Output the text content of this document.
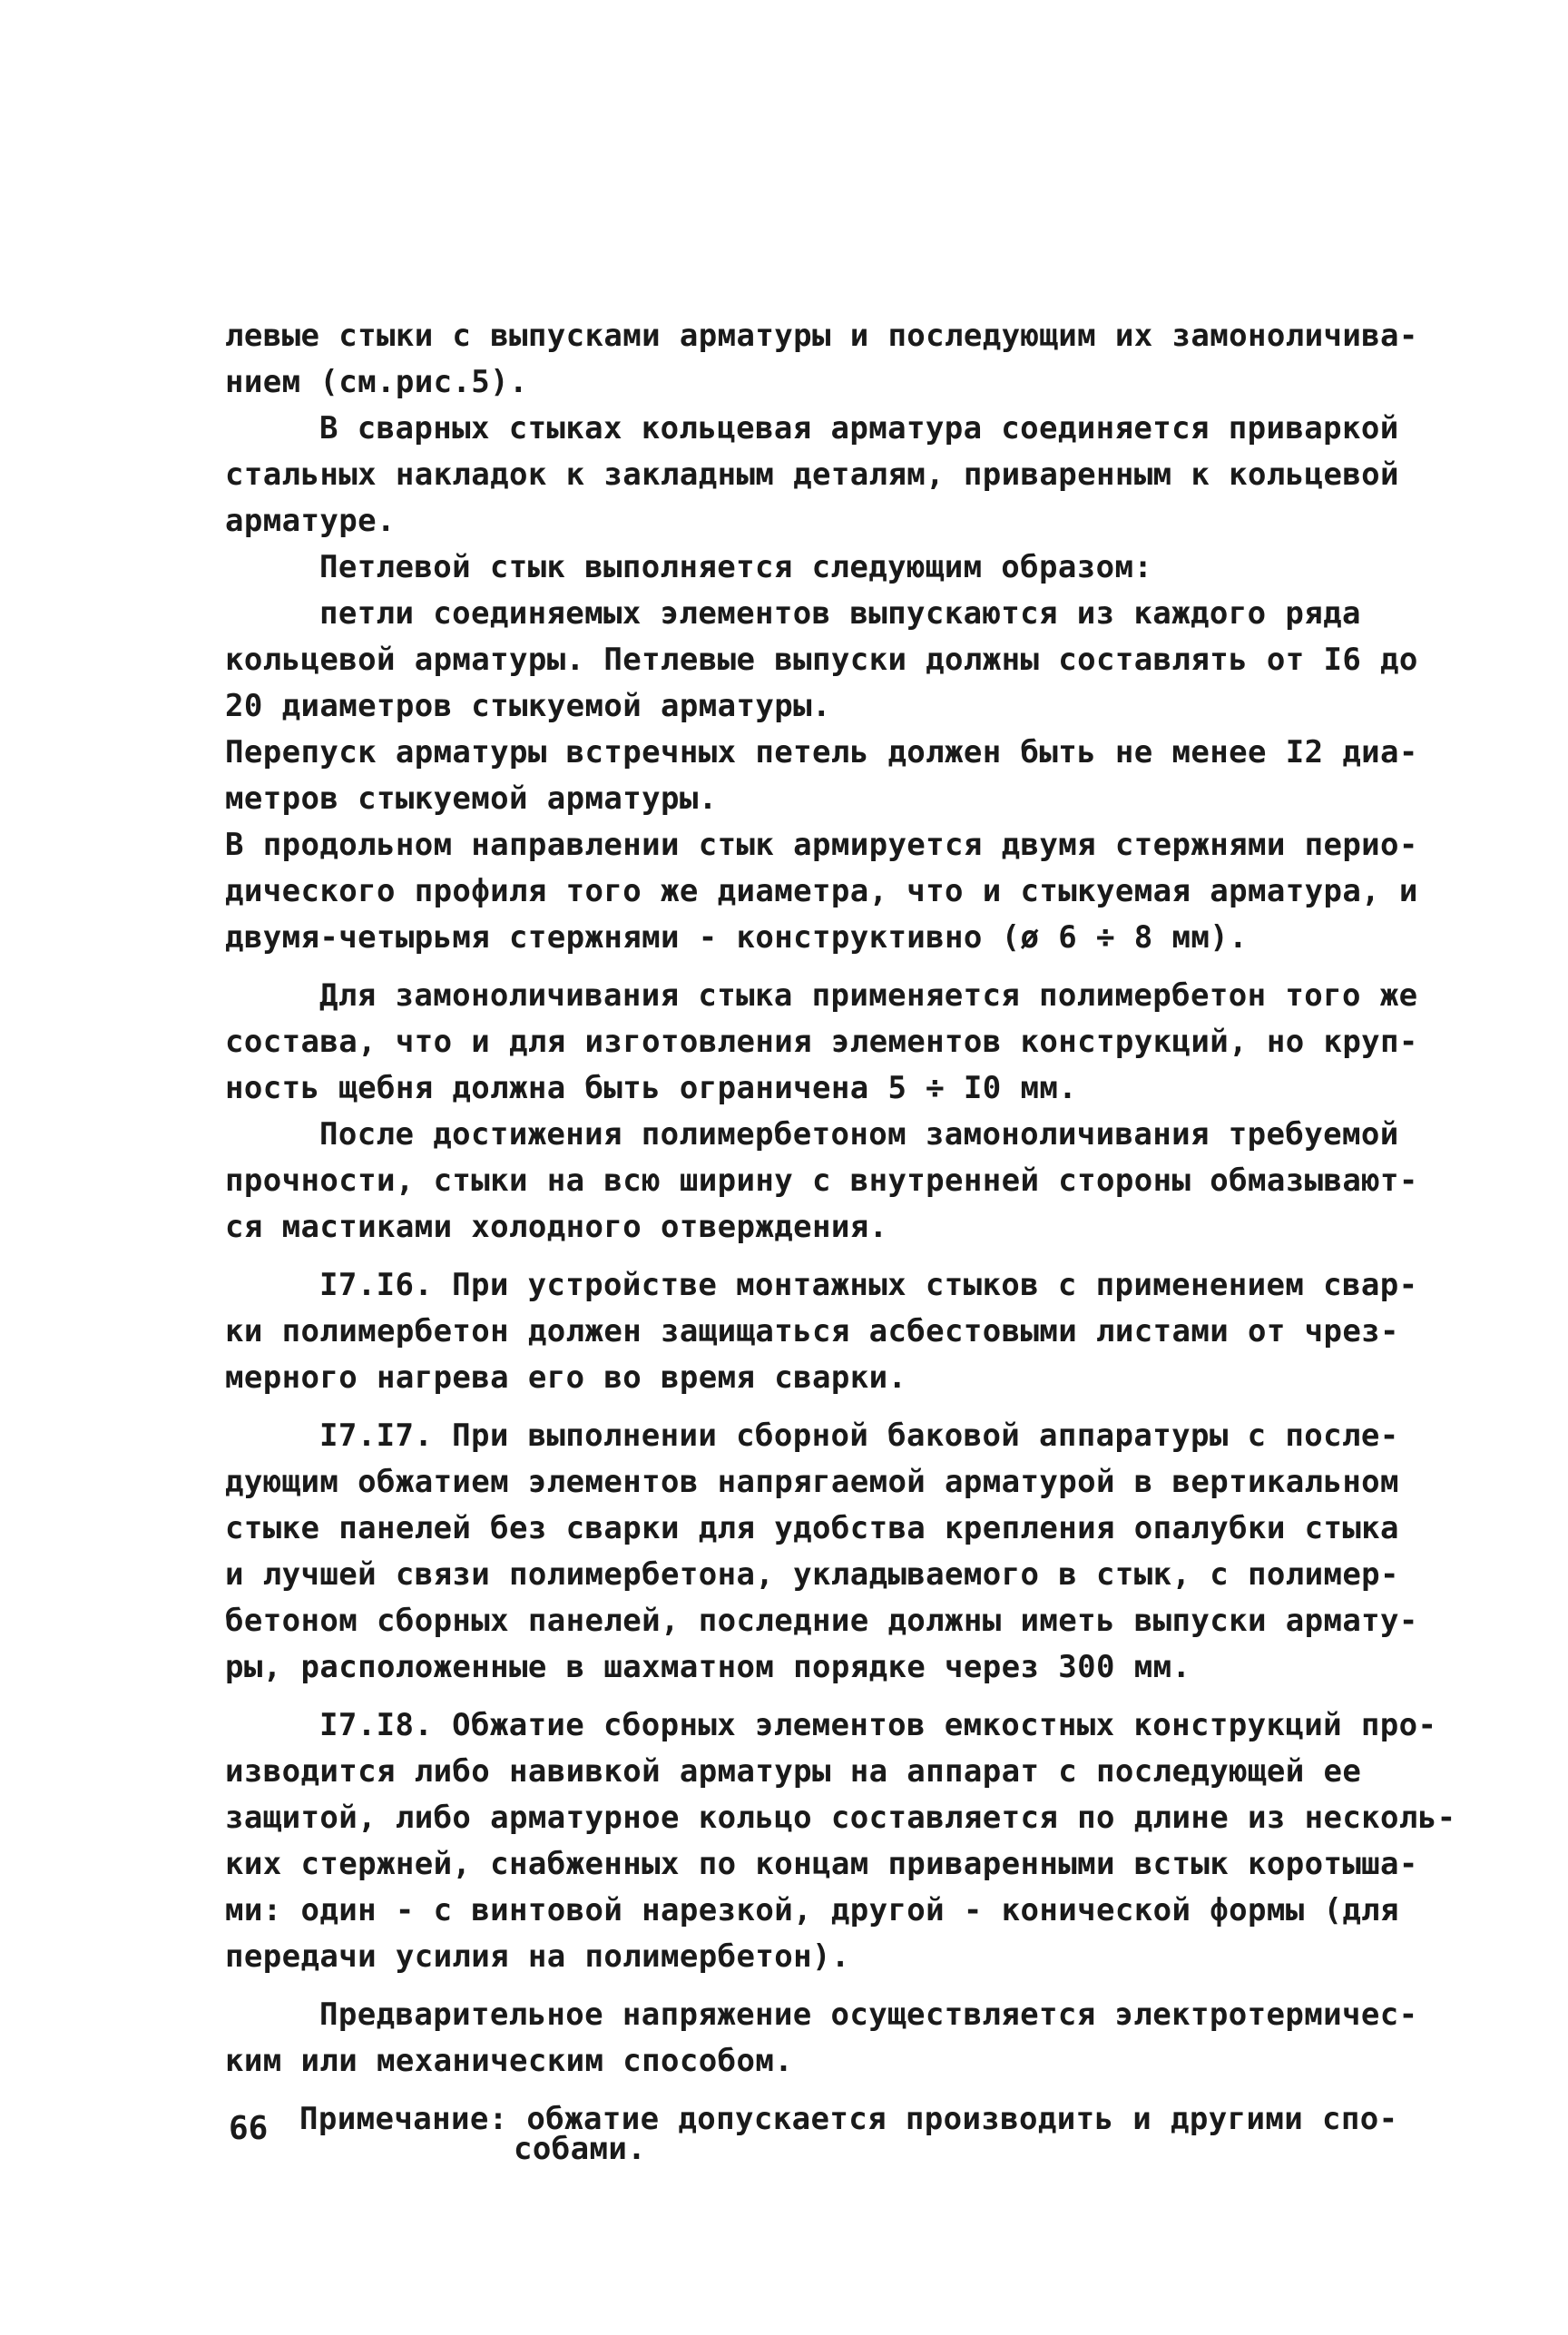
левые стыки с выпусками арматуры и последующим их замоноличива-
нием (см.рис.5).
В сварных стыках кольцевая арматура соединяется приваркой
стальных накладок к закладным деталям, приваренным к кольцевой
арматуре.
Петлевой стык выполняется следующим образом:
петли соединяемых элементов выпускаются из каждого ряда
кольцевой арматуры. Петлевые выпуски должны составлять от I6 до
20 диаметров стыкуемой арматуры.
Перепуск арматуры встречных петель должен быть не менее I2 диа-
метров стыкуемой арматуры.
В продольном направлении стык армируется двумя стержнями перио-
дического профиля того же диаметра, что и стыкуемая арматура, и
двумя-четырьмя стержнями - конструктивно (ø 6 ÷ 8 мм).
Для замоноличивания стыка применяется полимербетон того же
состава, что и для изготовления элементов конструкций, но круп-
ность щебня должна быть ограничена 5 ÷ I0 мм.
После достижения полимербетоном замоноличивания требуемой
прочности, стыки на всю ширину с внутренней стороны обмазывают-
ся мастиками холодного отверждения.
I7.I6. При устройстве монтажных стыков с применением свар-
ки полимербетон должен защищаться асбестовыми листами от чрез-
мерного нагрева его во время сварки.
I7.I7. При выполнении сборной баковой аппаратуры с после-
дующим обжатием элементов напрягаемой арматурой в вертикальном
стыке панелей без сварки для удобства крепления опалубки стыка
и лучшей связи полимербетона, укладываемого в стык, с полимер-
бетоном сборных панелей, последние должны иметь выпуски армату-
ры, расположенные в шахматном порядке через 300 мм.
I7.I8. Обжатие сборных элементов емкостных конструкций про-
изводится либо навивкой арматуры на аппарат с последующей ее
защитой, либо арматурное кольцо составляется по длине из несколь-
ких стержней, снабженных по концам приваренными встык коротыша-
ми: один - с винтовой нарезкой, другой - конической формы (для
передачи усилия на полимербетон).
Предварительное напряжение осуществляется электротермичес-
ким или механическим способом.
Примечание: обжатие допускается производить и другими спо-
собами.
66
